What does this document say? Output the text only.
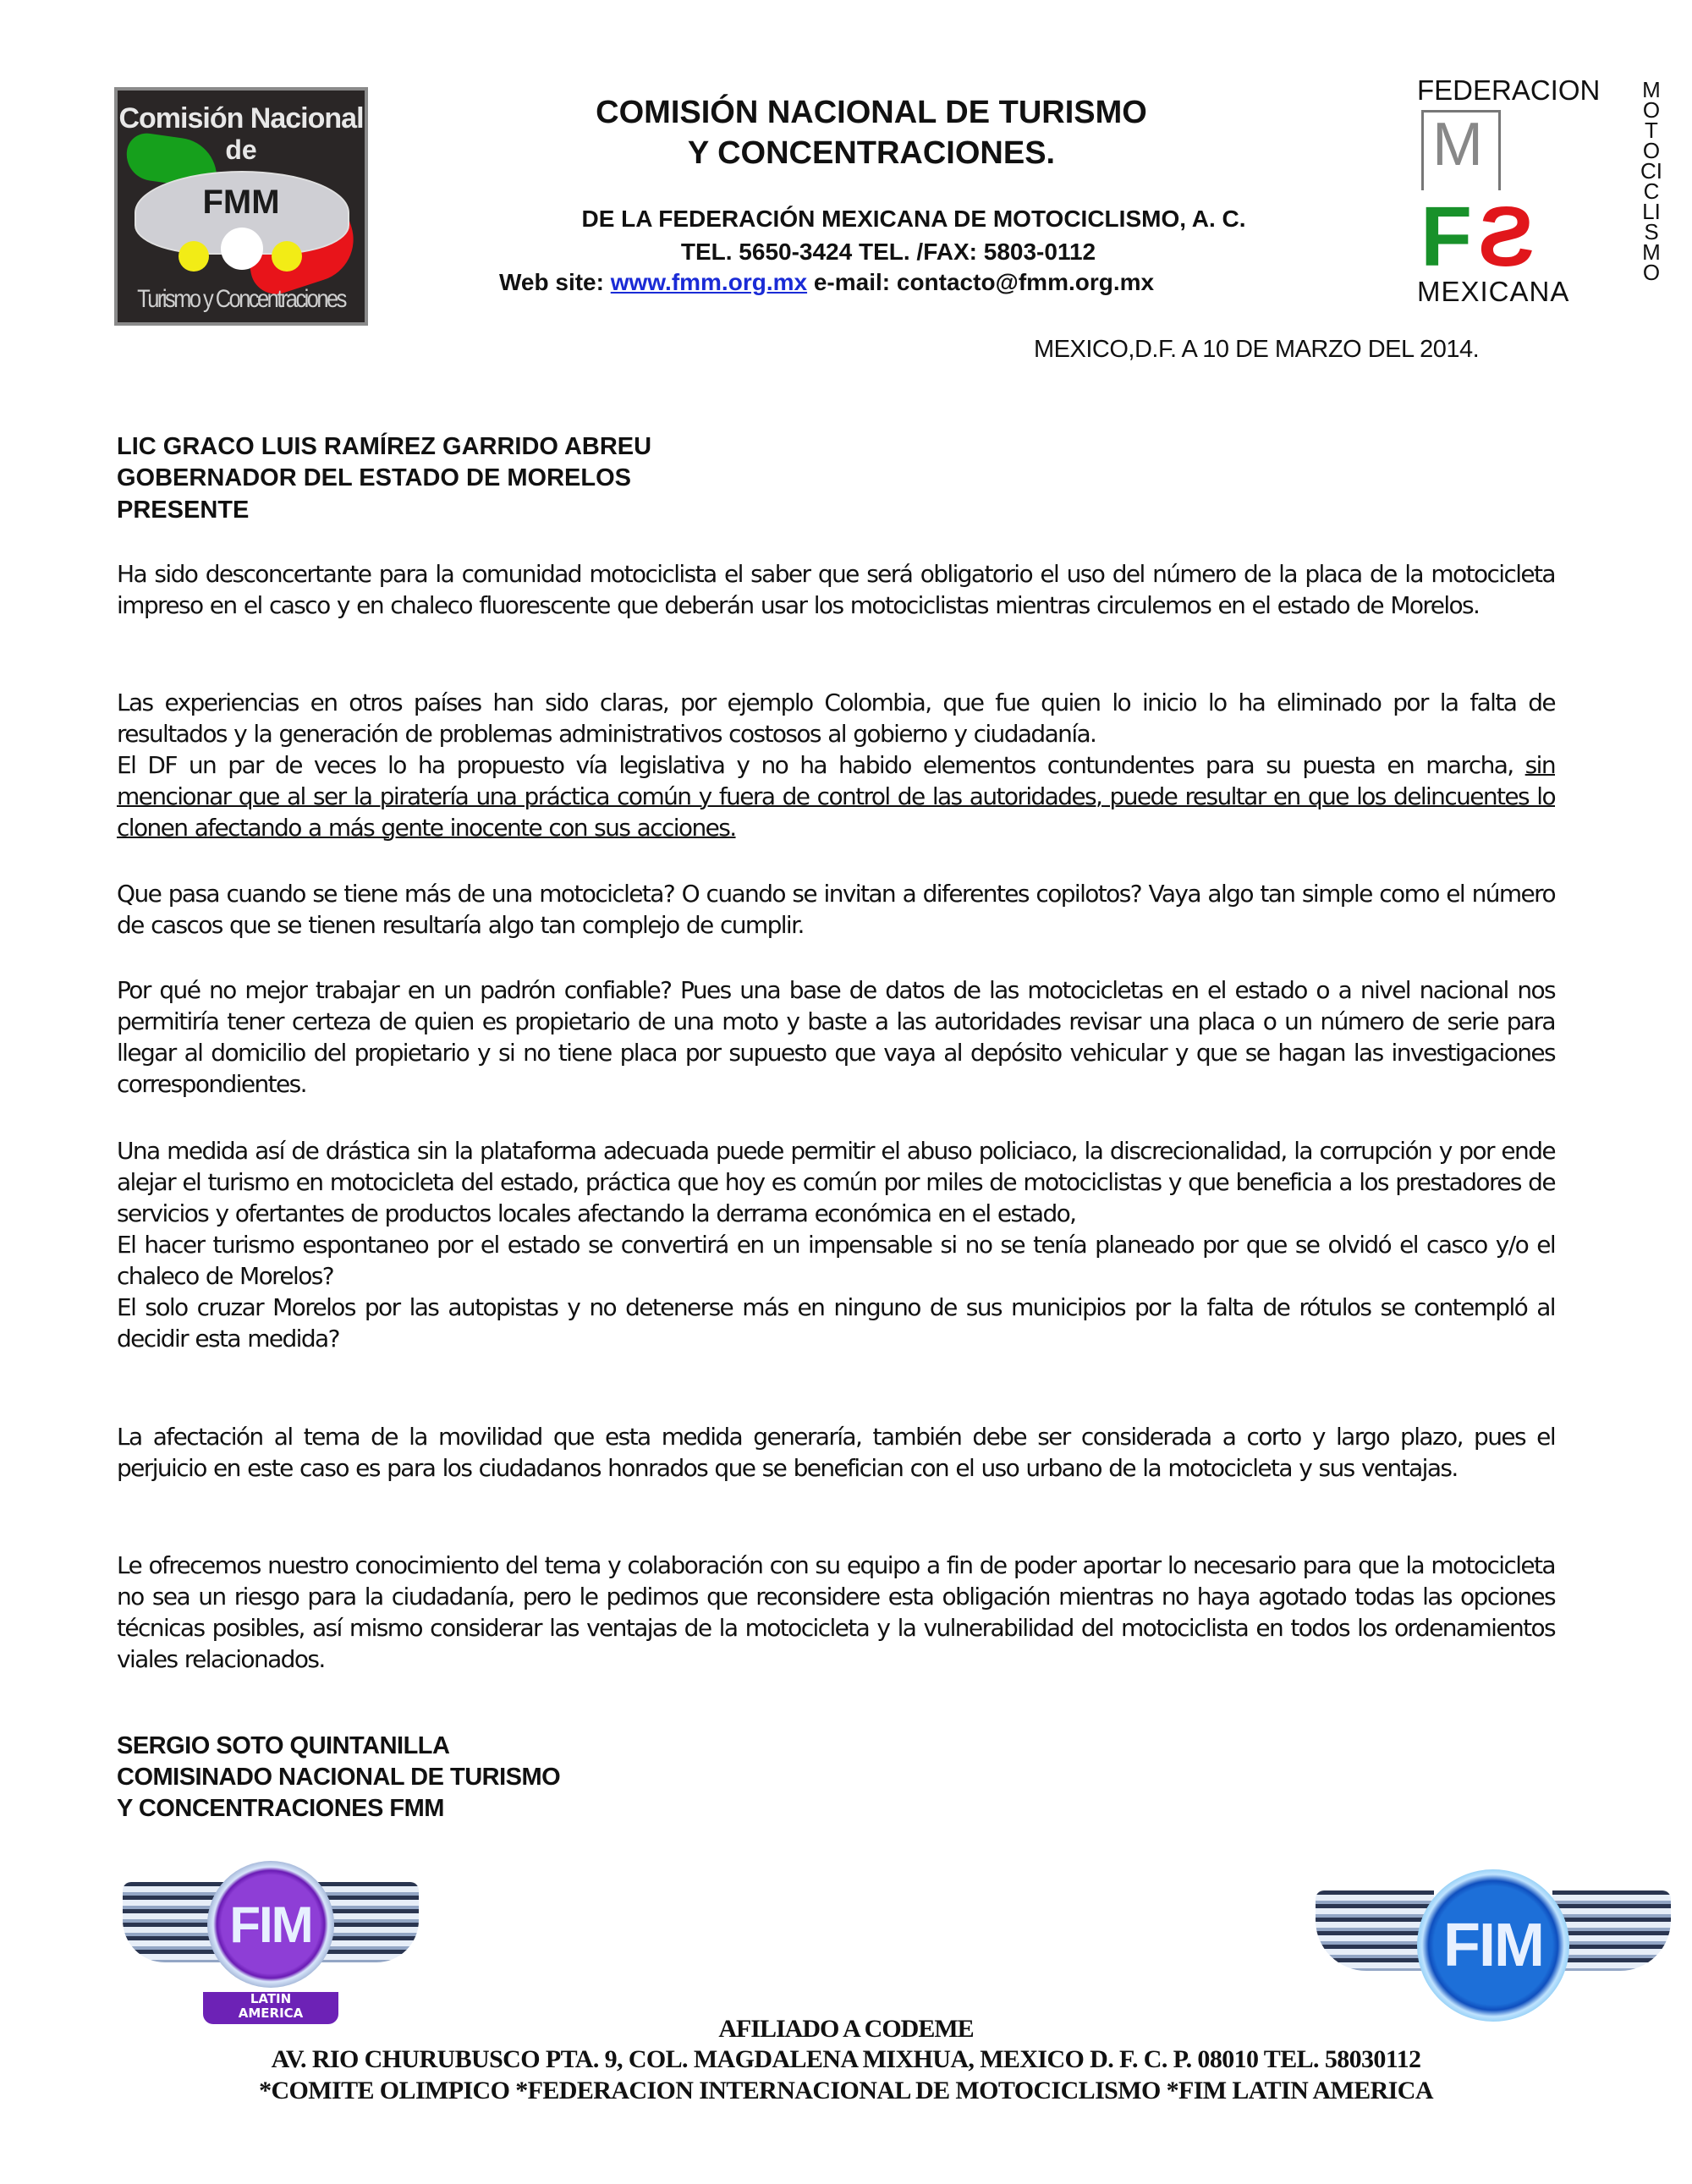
Comisión Nacional
de
FMM
Turismo y Concentraciones
COMISIÓN NACIONAL DE TURISMO
Y CONCENTRACIONES.
DE LA FEDERACIÓN MEXICANA DE MOTOCICLISMO, A. C.
TEL. 5650-3424 TEL. /FAX: 5803-0112
Web site: www.fmm.org.mx e-mail: contacto@fmm.org.mx
FEDERACION
M
F Ƨ
MEXICANA
MOTOCICLISMO
MEXICO,D.F. A 10 DE MARZO DEL 2014.
LIC GRACO LUIS RAMÍREZ GARRIDO ABREU
GOBERNADOR DEL ESTADO DE MORELOS
PRESENTE

Ha sido desconcertante para la comunidad motociclista el saber que será obligatorio el uso del número de la placa de la motocicleta impreso en el casco y en chaleco fluorescente que deberán usar los motociclistas mientras circulemos en el estado de Morelos.

Las experiencias en otros países han sido claras, por ejemplo Colombia, que fue quien lo inicio lo ha eliminado por la falta de resultados y la generación de problemas administrativos costosos al gobierno y ciudadanía.

El DF un par de veces lo ha propuesto vía legislativa y no ha habido elementos contundentes para su puesta en marcha, sin mencionar que al ser la piratería una práctica común y fuera de control de las autoridades, puede resultar en que los delincuentes lo clonen afectando a más gente inocente con sus acciones.

Que pasa cuando se tiene más de una motocicleta? O cuando se invitan a diferentes copilotos? Vaya algo tan simple como el número de cascos que se tienen resultaría algo tan complejo de cumplir.

Por qué no mejor trabajar en un padrón confiable? Pues una base de datos de las motocicletas en el estado o a nivel nacional nos permitiría tener certeza de quien es propietario de una moto y baste a las autoridades revisar una placa o un número de serie para llegar al domicilio del propietario y si no tiene placa por supuesto que vaya al depósito vehicular y que se hagan las investigaciones correspondientes.

Una medida así de drástica sin la plataforma adecuada puede permitir el abuso policiaco, la discrecionalidad, la corrupción y por ende alejar el turismo en motocicleta del estado, práctica que hoy es común por miles de motociclistas y que beneficia a los prestadores de servicios y ofertantes de productos locales afectando la derrama económica en el estado,

El hacer turismo espontaneo por el estado se convertirá en un impensable si no se tenía planeado por que se olvidó el casco y/o el chaleco de Morelos?

El solo cruzar Morelos por las autopistas y no detenerse más en ninguno de sus municipios por la falta de rótulos se contempló al decidir esta medida?

La afectación al tema de la movilidad que esta medida generaría, también debe ser considerada a corto y largo plazo, pues el perjuicio en este caso es para los ciudadanos honrados que se benefician con el uso urbano de la motocicleta y sus ventajas.

Le ofrecemos nuestro conocimiento del tema y colaboración con su equipo a fin de poder aportar lo necesario para que la motocicleta no sea un riesgo para la ciudadanía, pero le pedimos que reconsidere esta obligación mientras no haya agotado todas las opciones técnicas posibles, así mismo considerar las ventajas de la motocicleta y la vulnerabilidad del motociclista en todos los ordenamientos viales relacionados.

SERGIO SOTO QUINTANILLA
COMISINADO NACIONAL DE TURISMO
Y CONCENTRACIONES FMM
FIM
LATIN
AMERICA
FIM
AFILIADO A CODEME
AV. RIO CHURUBUSCO PTA. 9, COL. MAGDALENA MIXHUA, MEXICO D. F. C. P. 08010 TEL. 58030112
*COMITE OLIMPICO *FEDERACION INTERNACIONAL DE MOTOCICLISMO *FIM LATIN AMERICA
